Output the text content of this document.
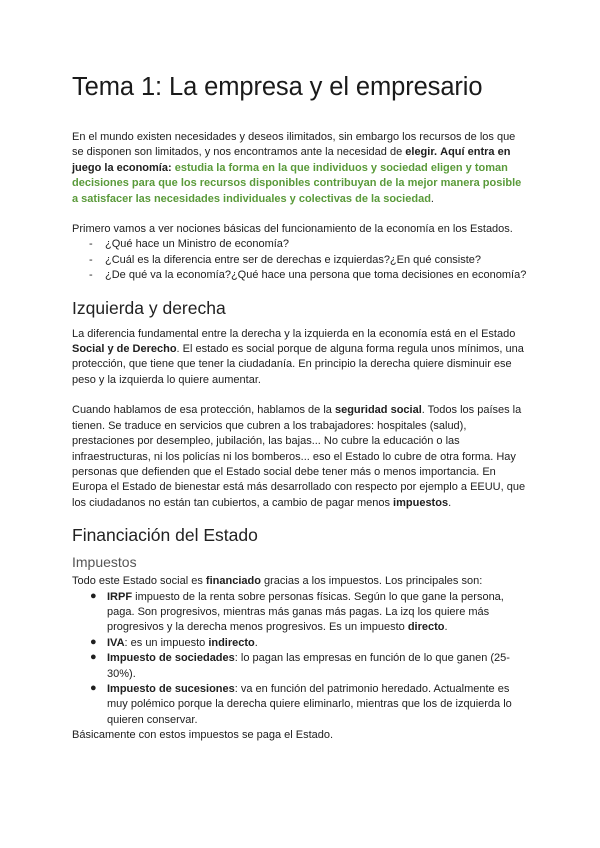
Tema 1: La empresa y el empresario

En el mundo existen necesidades y deseos ilimitados, sin embargo los recursos de los que se disponen son limitados, y nos encontramos ante la necesidad de elegir. Aquí entra en juego la economía: estudia la forma en la que individuos y sociedad eligen y toman decisiones para que los recursos disponibles contribuyan de la mejor manera posible a satisfacer las necesidades individuales y colectivas de la sociedad.

Primero vamos a ver nociones básicas del funcionamiento de la economía en los Estados.

- ¿Qué hace un Ministro de economía?
- ¿Cuál es la diferencia entre ser de derechas e izquierdas?¿En qué consiste?
- ¿De qué va la economía?¿Qué hace una persona que toma decisiones en economía?
Izquierda y derecha

La diferencia fundamental entre la derecha y la izquierda en la economía está en el Estado Social y de Derecho. El estado es social porque de alguna forma regula unos mínimos, una protección, que tiene que tener la ciudadanía. En principio la derecha quiere disminuir ese peso y la izquierda lo quiere aumentar.

Cuando hablamos de esa protección, hablamos de la seguridad social. Todos los países la tienen. Se traduce en servicios que cubren a los trabajadores: hospitales (salud), prestaciones por desempleo, jubilación, las bajas... No cubre la educación o las infraestructuras, ni los policías ni los bomberos... eso el Estado lo cubre de otra forma. Hay personas que defienden que el Estado social debe tener más o menos importancia. En Europa el Estado de bienestar está más desarrollado con respecto por ejemplo a EEUU, que los ciudadanos no están tan cubiertos, a cambio de pagar menos impuestos.

Financiación del Estado
Impuestos

Todo este Estado social es financiado gracias a los impuestos. Los principales son:

● IRPF impuesto de la renta sobre personas físicas. Según lo que gane la persona, paga. Son progresivos, mientras más ganas más pagas. La izq los quiere más progresivos y la derecha menos progresivos. Es un impuesto directo.
● IVA: es un impuesto indirecto.
● Impuesto de sociedades: lo pagan las empresas en función de lo que ganen (25-30%).
● Impuesto de sucesiones: va en función del patrimonio heredado. Actualmente es muy polémico porque la derecha quiere eliminarlo, mientras que los de izquierda lo quieren conservar.

Básicamente con estos impuestos se paga el Estado.
